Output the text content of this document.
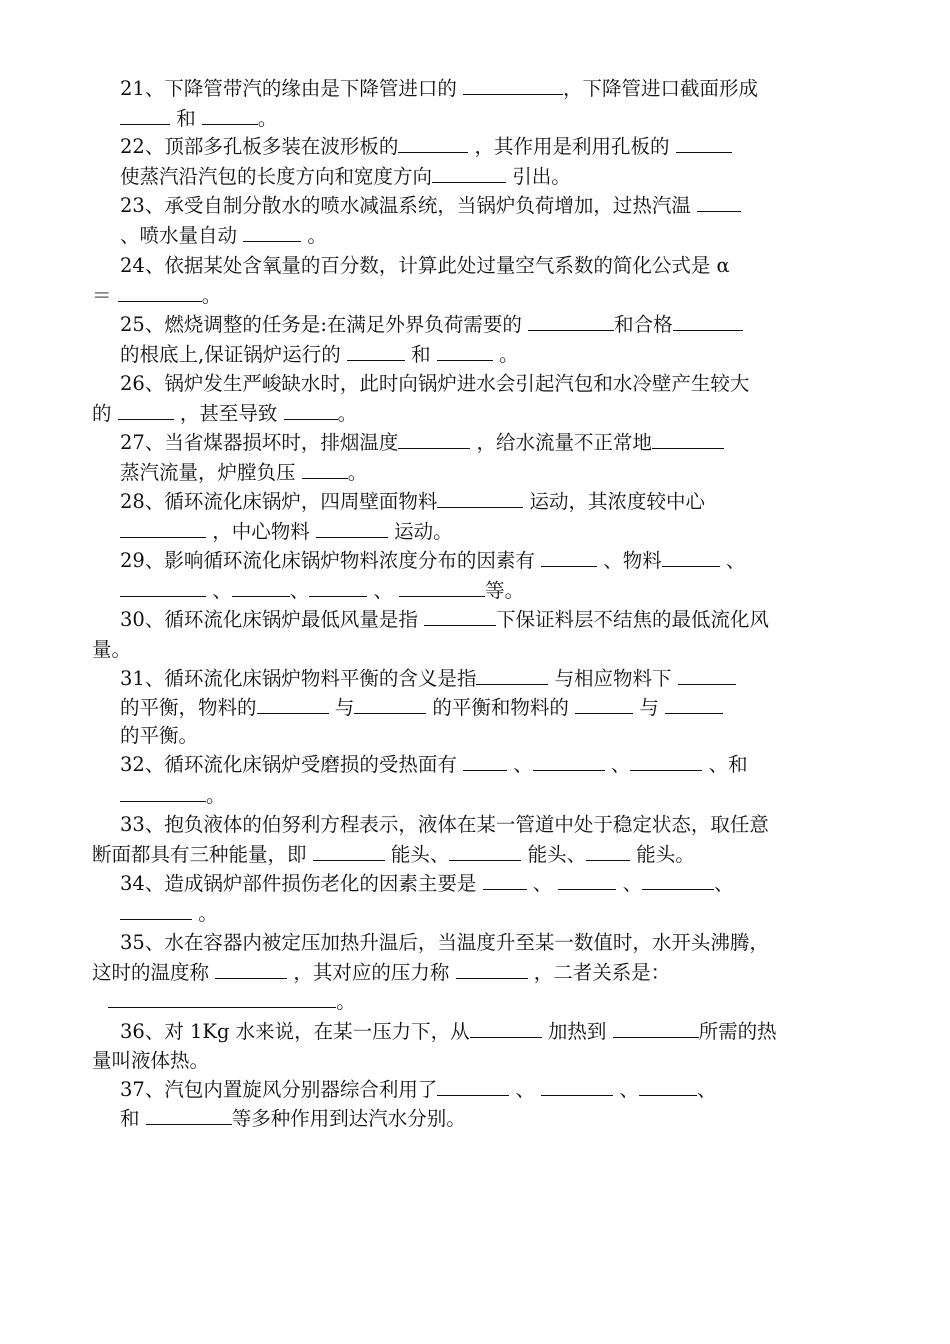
21、下降管带汽的缘由是下降管进口的	，下降管进口截面形成
和	。
22、顶部多孔板多装在波形板的	，其作用是利用孔板的
使蒸汽沿汽包的长度方向和宽度方向	引出。
23、承受自制分散水的喷水减温系统，当锅炉负荷增加，过热汽温
、喷水量自动	。
24、依据某处含氧量的百分数，计算此处过量空气系数的简化公式是 α
＝	。
25、燃烧调整的任务是:在满足外界负荷需要的	和合格
的根底上,保证锅炉运行的	和	。
26、锅炉发生严峻缺水时，此时向锅炉进水会引起汽包和水冷壁产生较大
的	，甚至导致	。
27、当省煤器损坏时，排烟温度	，给水流量不正常地
蒸汽流量，炉膛负压 。
28、循环流化床锅炉，四周壁面物料	运动，其浓度较中心
，中心物料	运动。
29、影响循环流化床锅炉物料浓度分布的因素有	、物料	、
、	、	、	等。
30、循环流化床锅炉最低风量是指	下保证料层不结焦的最低流化风
量。
31、循环流化床锅炉物料平衡的含义是指	与相应物料下
的平衡，物料的	与	的平衡和物料的	与
的平衡。
32、循环流化床锅炉受磨损的受热面有  、	、	、和
。
33、抱负液体的伯努利方程表示，液体在某一管道中处于稳定状态，取任意
断面都具有三种能量，即	能头、	能头、 能头。
34、造成锅炉部件损伤老化的因素主要是  、	、	、
。
35、水在容器内被定压加热升温后，当温度升至某一数值时，水开头沸腾，
这时的温度称	，其对应的压力称	，二者关系是：
。
36、对 1Kg 水来说，在某一压力下，从	加热到	所需的热
量叫液体热。
37、汽包内置旋风分别器综合利用了	、	、	、
和	等多种作用到达汽水分别。
